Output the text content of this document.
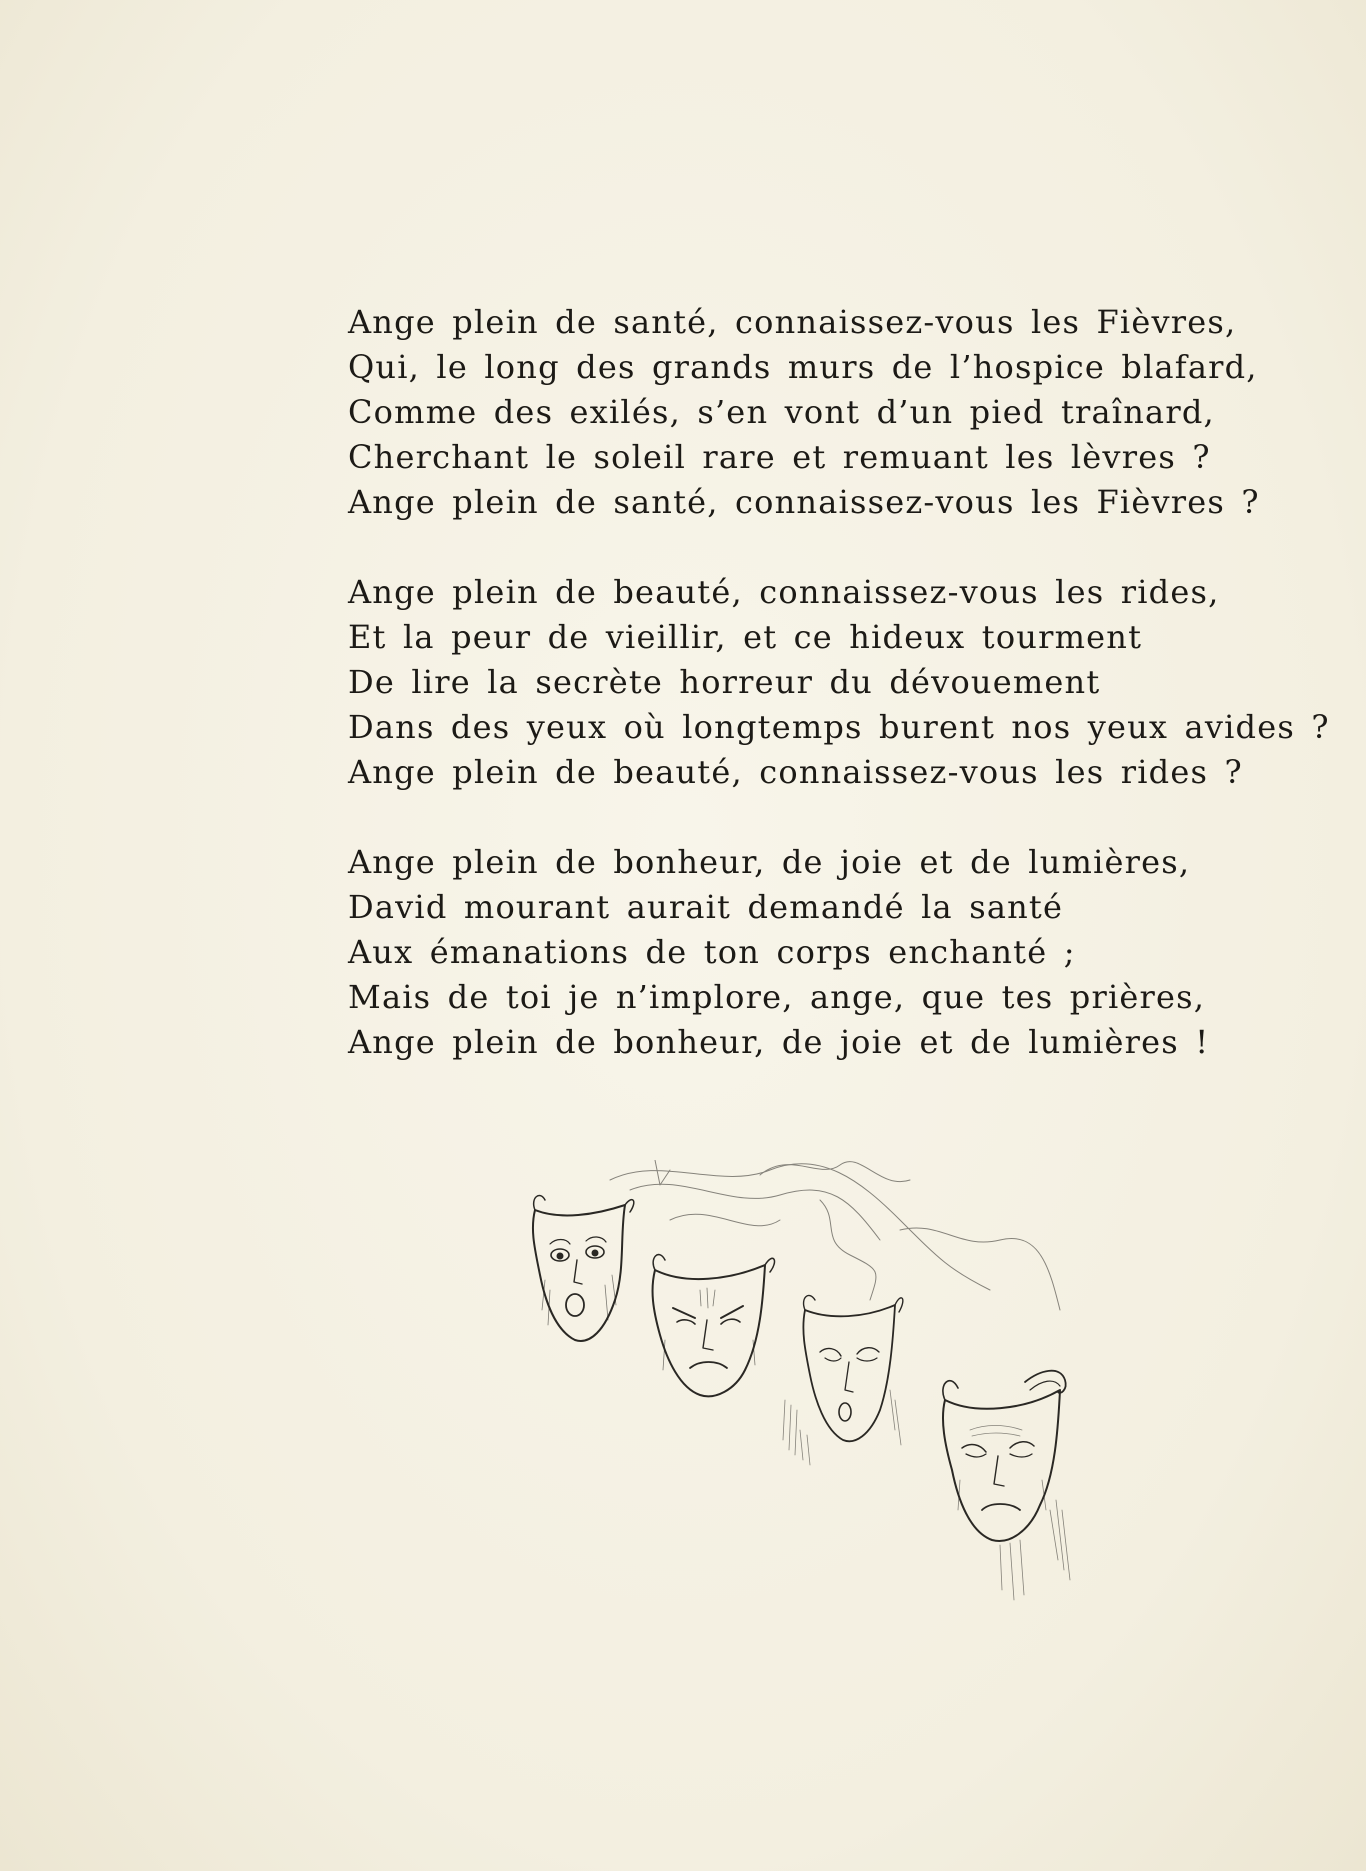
Ange plein de santé, connaissez-vous les Fièvres,
Qui, le long des grands murs de l’hospice blafard,
Comme des exilés, s’en vont d’un pied traînard,
Cherchant le soleil rare et remuant les lèvres ?
Ange plein de santé, connaissez-vous les Fièvres ?
Ange plein de beauté, connaissez-vous les rides,
Et la peur de vieillir, et ce hideux tourment
De lire la secrète horreur du dévouement
Dans des yeux où longtemps burent nos yeux avides ?
Ange plein de beauté, connaissez-vous les rides ?
Ange plein de bonheur, de joie et de lumières,
David mourant aurait demandé la santé
Aux émanations de ton corps enchanté ;
Mais de toi je n’implore, ange, que tes prières,
Ange plein de bonheur, de joie et de lumières !
